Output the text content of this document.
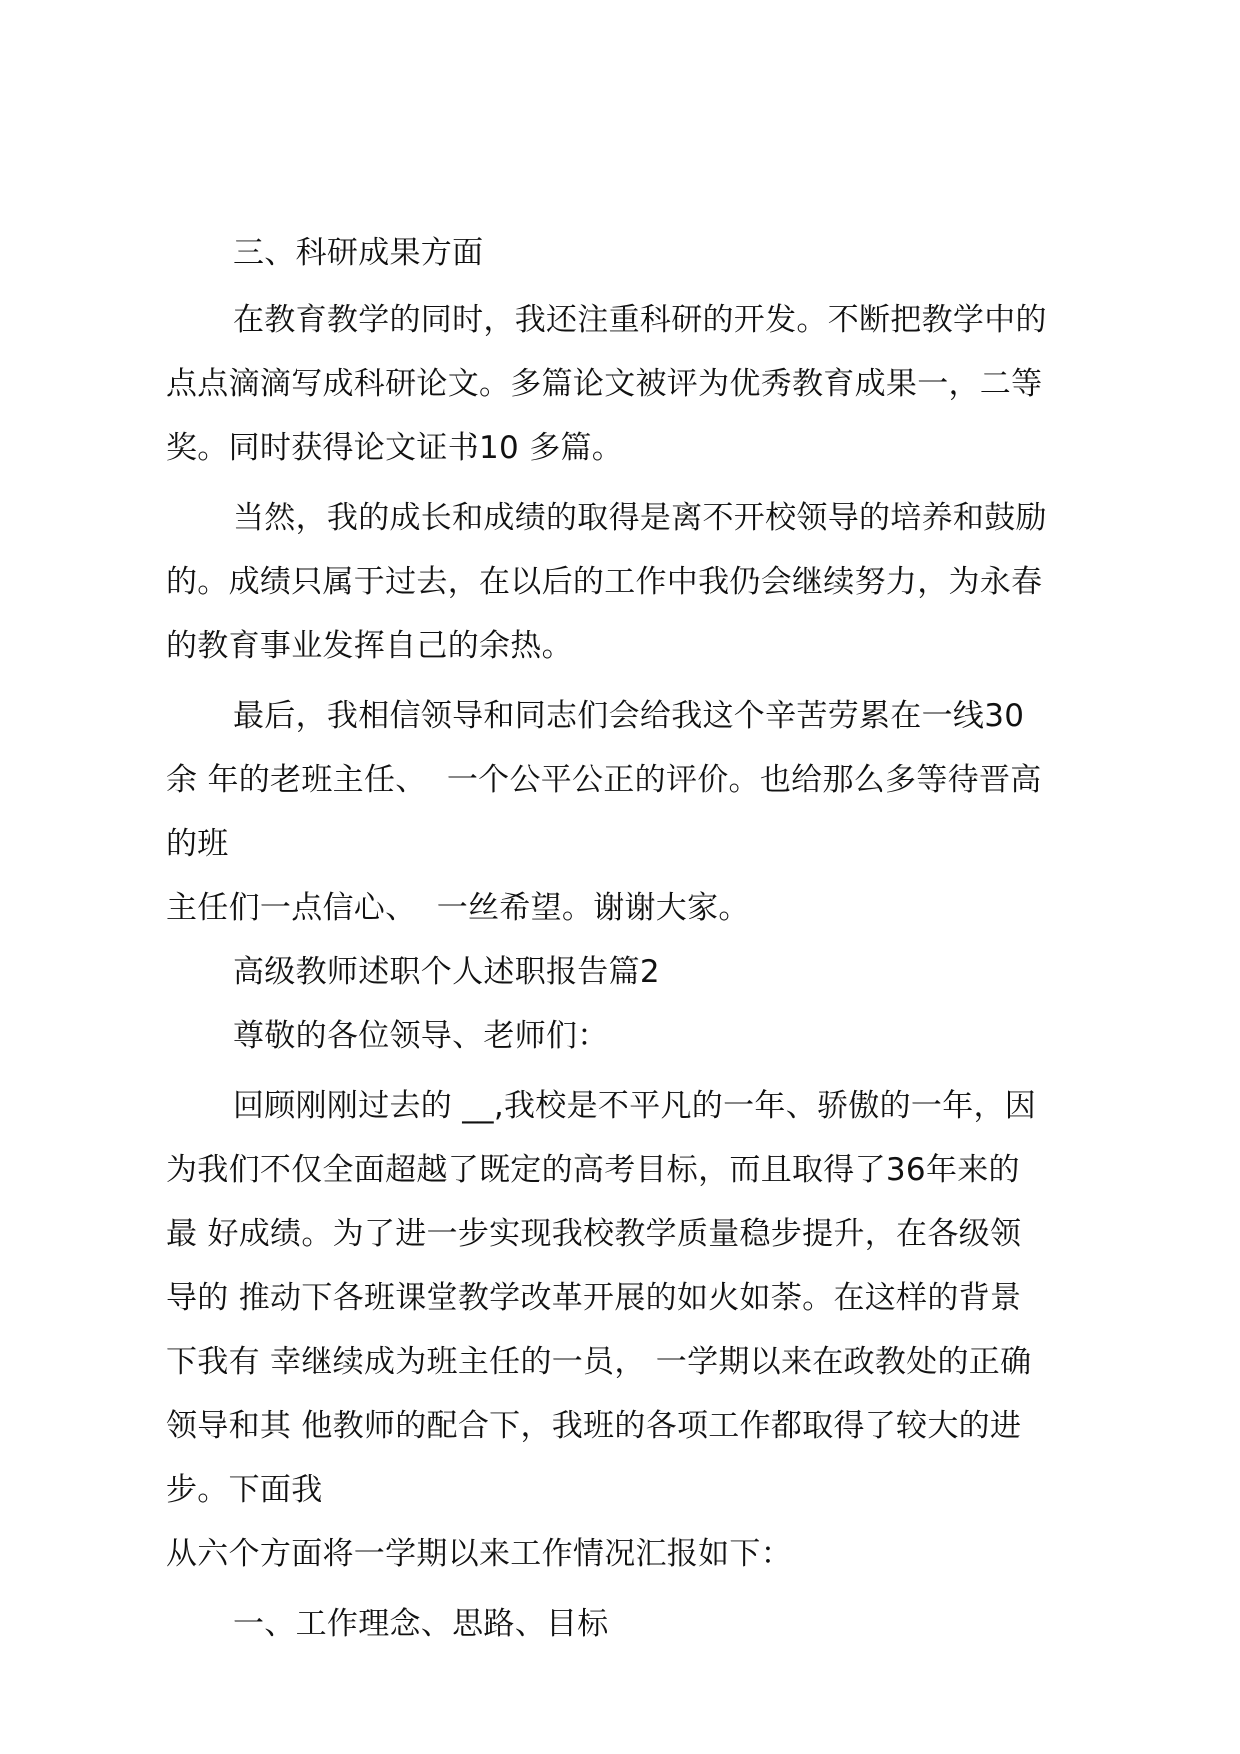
三、科研成果方面
在教育教学的同时，我还注重科研的开发。不断把教学中的
点点滴滴写成科研论文。多篇论文被评为优秀教育成果一，二等
奖。同时获得论文证书10 多篇。
当然，我的成长和成绩的取得是离不开校领导的培养和鼓励
的。成绩只属于过去，在以后的工作中我仍会继续努力，为永春
的教育事业发挥自己的余热。
最后，我相信领导和同志们会给我这个辛苦劳累在一线30
余 年的老班主任、  一个公平公正的评价。也给那么多等待晋高
的班
主任们一点信心、  一丝希望。谢谢大家。
高级教师述职个人述职报告篇2
尊敬的各位领导、老师们：
回顾刚刚过去的 __,我校是不平凡的一年、骄傲的一年，因
为我们不仅全面超越了既定的高考目标，而且取得了36年来的
最 好成绩。为了进一步实现我校教学质量稳步提升，在各级领
导的 推动下各班课堂教学改革开展的如火如荼。在这样的背景
下我有 幸继续成为班主任的一员， 一学期以来在政教处的正确
领导和其 他教师的配合下，我班的各项工作都取得了较大的进
步。下面我
从六个方面将一学期以来工作情况汇报如下：
一、工作理念、思路、目标
